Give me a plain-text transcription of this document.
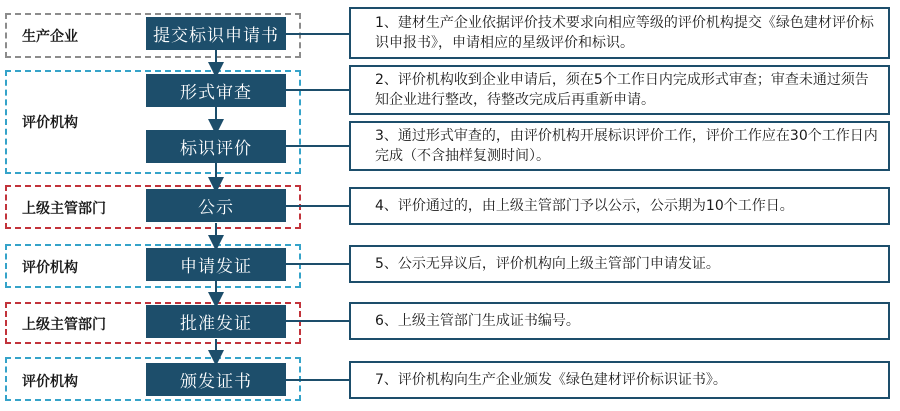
生产企业
评价机构
上级主管部门
评价机构
上级主管部门
评价机构
提交标识申请书
形式审查
标识评价
公示
申请发证
批准发证
颁发证书
1、建材生产企业依据评价技术要求向相应等级的评价机构提交《绿色建材评价标识申报书》，申请相应的星级评价和标识。
2、评价机构收到企业申请后，须在5个工作日内完成形式审查；审查未通过须告知企业进行整改，待整改完成后再重新申请。
3、通过形式审查的，由评价机构开展标识评价工作，评价工作应在30个工作日内完成（不含抽样复测时间）。
4、评价通过的，由上级主管部门予以公示，公示期为10个工作日。
5、公示无异议后，评价机构向上级主管部门申请发证。
6、上级主管部门生成证书编号。
7、评价机构向生产企业颁发《绿色建材评价标识证书》。
